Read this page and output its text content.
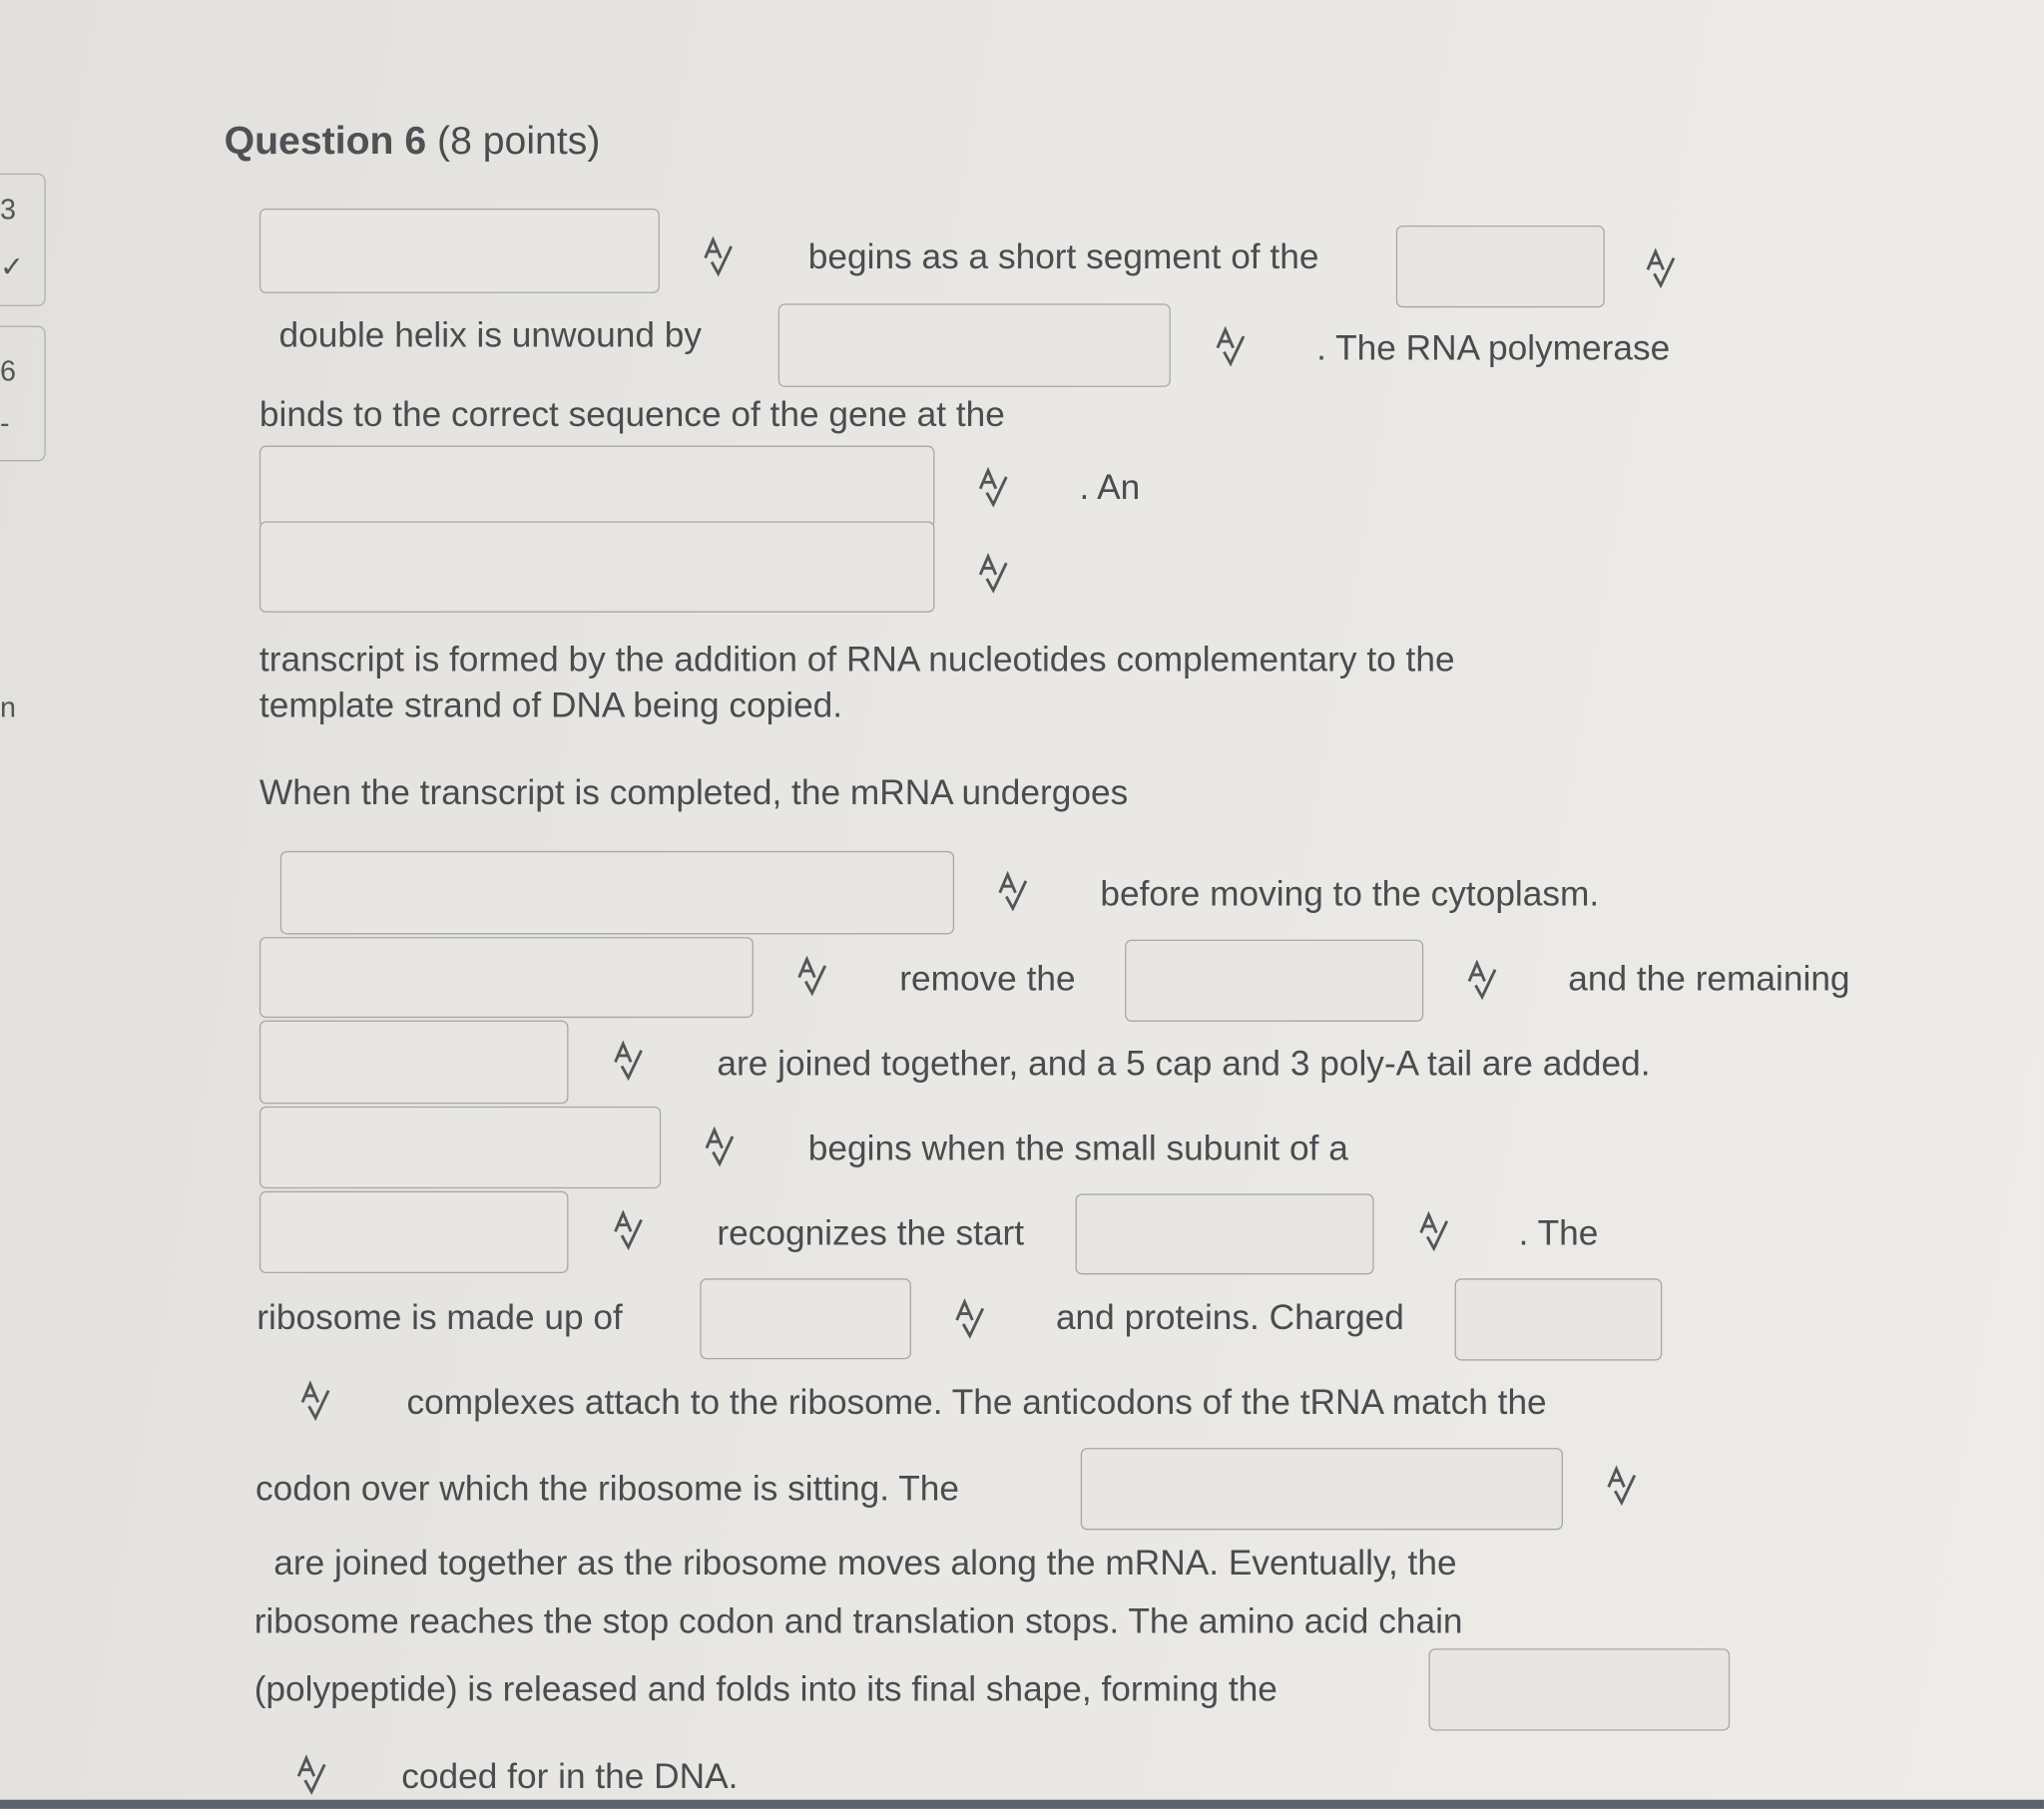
3
✓
6
-
n
Question 6 (8 points)
begins as a short segment of the
double helix is unwound by	. The RNA polymerase
binds to the correct sequence of the gene at the
. An
transcript is formed by the addition of RNA nucleotides complementary to the
template strand of DNA being copied.
When the transcript is completed, the mRNA undergoes
before moving to the cytoplasm.
remove the	and the remaining
are joined together, and a 5 cap and 3 poly-A tail are added.
begins when the small subunit of a
recognizes the start	. The
ribosome is made up of	and proteins. Charged
complexes attach to the ribosome. The anticodons of the tRNA match the
codon over which the ribosome is sitting. The
are joined together as the ribosome moves along the mRNA. Eventually, the
ribosome reaches the stop codon and translation stops. The amino acid chain
(polypeptide) is released and folds into its final shape, forming the
coded for in the DNA.
